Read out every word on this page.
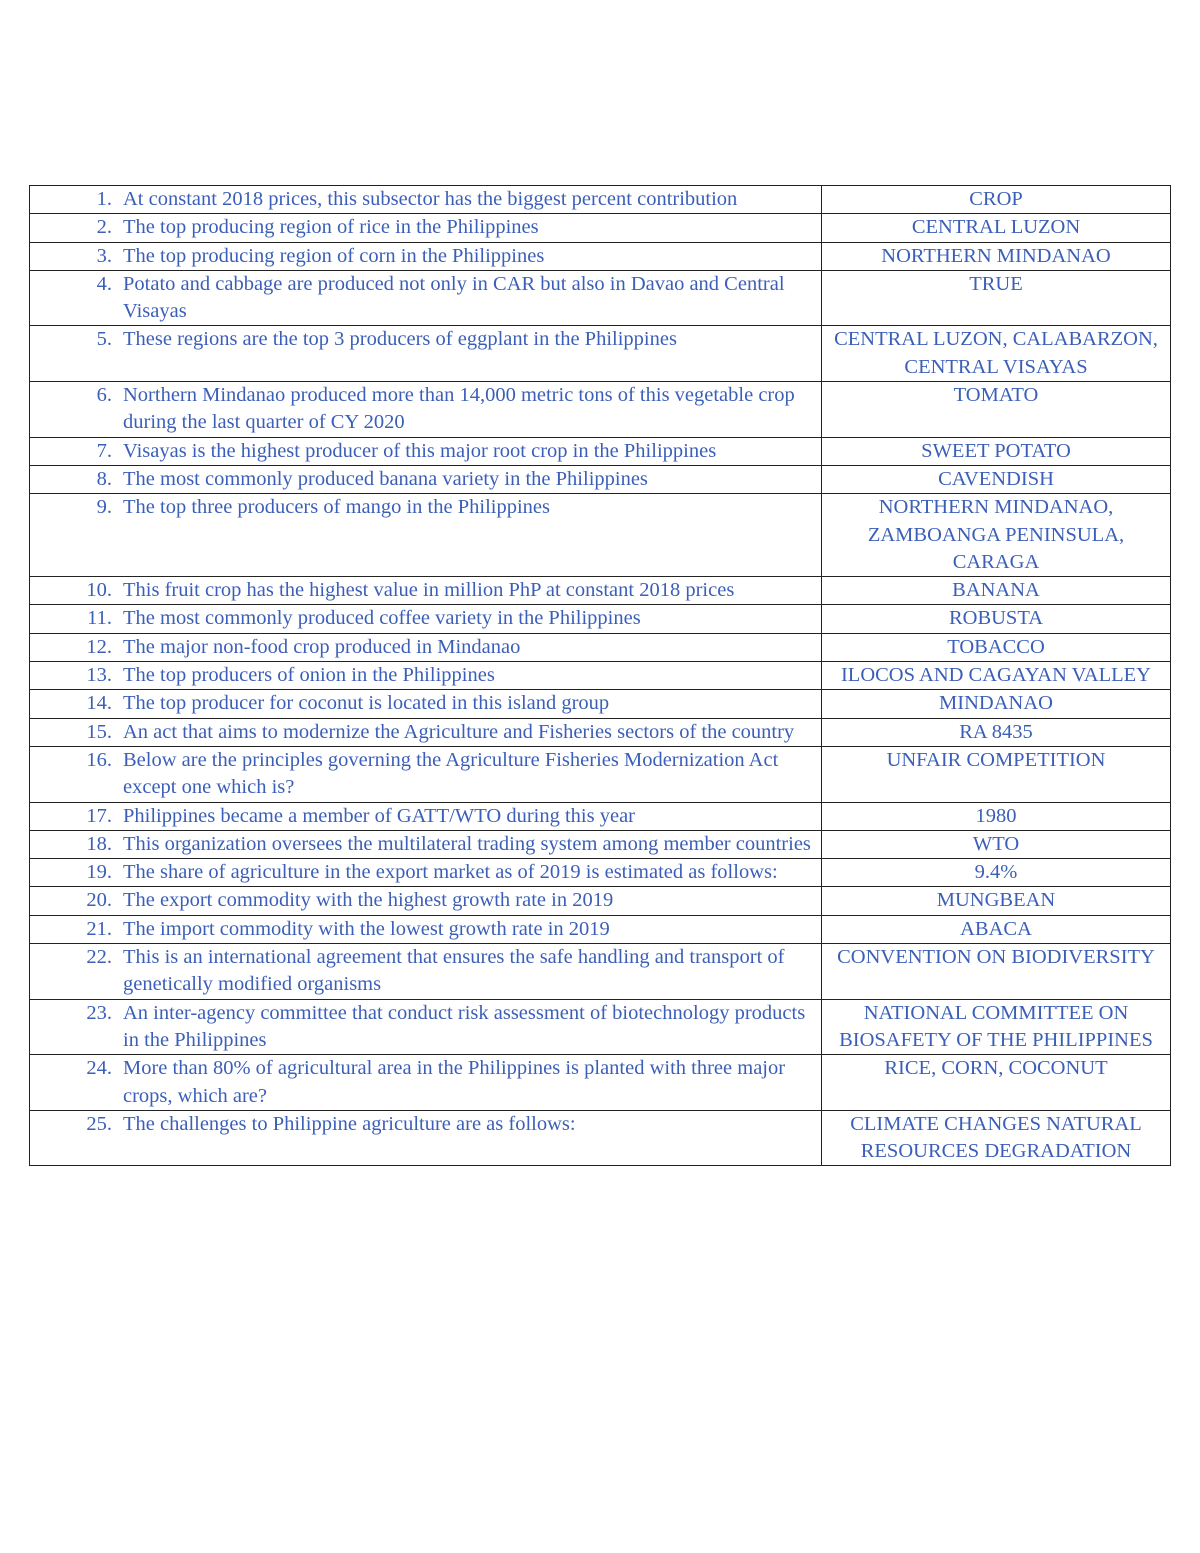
1. At constant 2018 prices, this subsector has the biggest percent contribution	CROP

2. The top producing region of rice in the Philippines	CENTRAL LUZON

3. The top producing region of corn in the Philippines	NORTHERN MINDANAO

4. Potato and cabbage are produced not only in CAR but also in Davao and Central Visayas	TRUE

5. These regions are the top 3 producers of eggplant in the Philippines	CENTRAL LUZON, CALABARZON, CENTRAL VISAYAS

6. Northern Mindanao produced more than 14,000 metric tons of this vegetable crop during the last quarter of CY 2020	TOMATO

7. Visayas is the highest producer of this major root crop in the Philippines	SWEET POTATO

8. The most commonly produced banana variety in the Philippines	CAVENDISH

9. The top three producers of mango in the Philippines	NORTHERN MINDANAO, ZAMBOANGA PENINSULA, CARAGA

10. This fruit crop has the highest value in million PhP at constant 2018 prices	BANANA

11. The most commonly produced coffee variety in the Philippines	ROBUSTA

12. The major non-food crop produced in Mindanao	TOBACCO

13. The top producers of onion in the Philippines	ILOCOS AND CAGAYAN VALLEY

14. The top producer for coconut is located in this island group	MINDANAO

15. An act that aims to modernize the Agriculture and Fisheries sectors of the country	RA 8435

16. Below are the principles governing the Agriculture Fisheries Modernization Act except one which is?	UNFAIR COMPETITION

17. Philippines became a member of GATT/WTO during this year	1980

18. This organization oversees the multilateral trading system among member countries	WTO

19. The share of agriculture in the export market as of 2019 is estimated as follows:	9.4%

20. The export commodity with the highest growth rate in 2019	MUNGBEAN

21. The import commodity with the lowest growth rate in 2019	ABACA

22. This is an international agreement that ensures the safe handling and transport of genetically modified organisms	CONVENTION ON BIODIVERSITY

23. An inter-agency committee that conduct risk assessment of biotechnology products in the Philippines	NATIONAL COMMITTEE ON BIOSAFETY OF THE PHILIPPINES

24. More than 80% of agricultural area in the Philippines is planted with three major crops, which are?	RICE, CORN, COCONUT

25. The challenges to Philippine agriculture are as follows:	CLIMATE CHANGES NATURAL RESOURCES DEGRADATION
